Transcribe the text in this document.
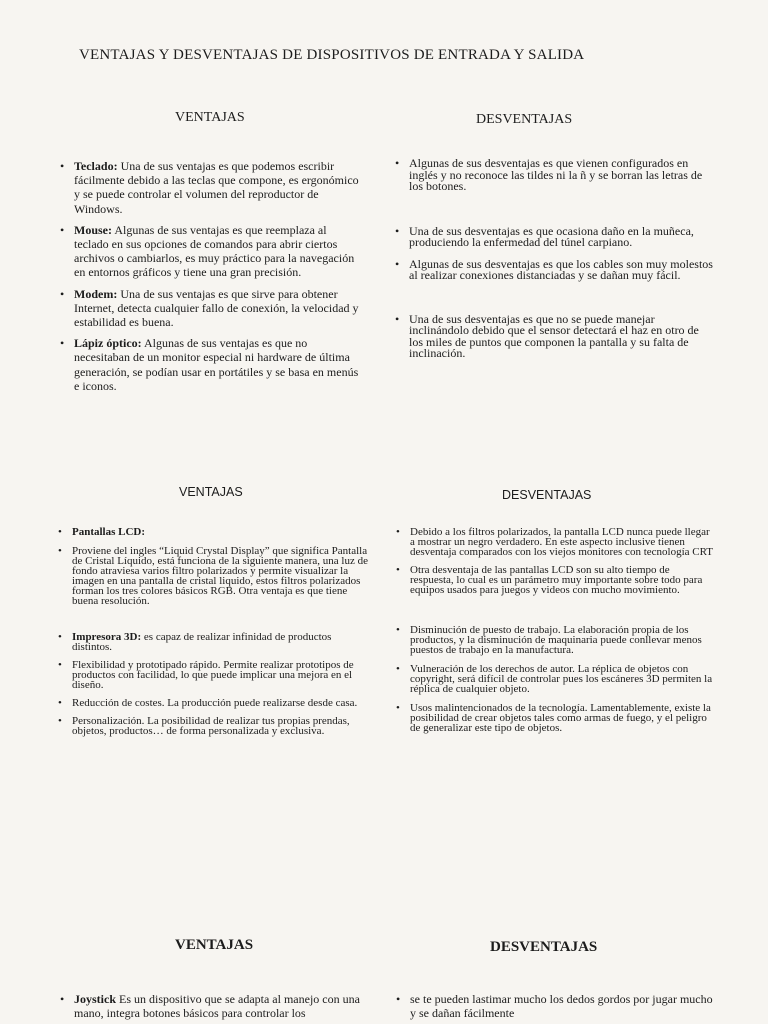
VENTAJAS Y DESVENTAJAS DE DISPOSITIVOS DE ENTRADA Y SALIDA
VENTAJAS	DESVENTAJAS
• Teclado: Una de sus ventajas es que podemos escribir fácilmente debido a las teclas que compone, es ergonómico y se puede controlar el volumen del reproductor de Windows.
• Mouse: Algunas de sus ventajas es que reemplaza al teclado en sus opciones de comandos para abrir ciertos archivos o cambiarlos, es muy práctico para la navegación en entornos gráficos y tiene una gran precisión.
• Modem: Una de sus ventajas es que sirve para obtener Internet, detecta cualquier fallo de conexión, la velocidad y estabilidad es buena.
• Lápiz óptico: Algunas de sus ventajas es que no necesitaban de un monitor especial ni hardware de última generación, se podían usar en portátiles y se basa en menús e iconos.
• Algunas de sus desventajas es que vienen configurados en inglés y no reconoce las tildes ni la ñ y se borran las letras de los botones.
• Una de sus desventajas es que ocasiona daño en la muñeca, produciendo la enfermedad del túnel carpiano.
• Algunas de sus desventajas es que los cables son muy molestos al realizar conexiones distanciadas y se dañan muy fácil.
• Una de sus desventajas es que no se puede manejar inclinándolo debido que el sensor detectará el haz en otro de los miles de puntos que componen la pantalla y su falta de inclinación.
VENTAJAS	DESVENTAJAS
• Pantallas LCD:
• Proviene del ingles “Liquid Crystal Display” que significa Pantalla de Cristal Líquido, está funciona de la siguiente manera, una luz de fondo atraviesa varios filtro polarizados y permite visualizar la imagen en una pantalla de cristal liquido, estos filtros polarizados forman los tres colores básicos RGB. Otra ventaja es que tiene buena resolución.
• Impresora 3D: es capaz de realizar infinidad de productos distintos.
• Flexibilidad y prototipado rápido. Permite realizar prototipos de productos con facilidad, lo que puede implicar una mejora en el diseño.
• Reducción de costes. La producción puede realizarse desde casa.
• Personalización. La posibilidad de realizar tus propias prendas, objetos, productos… de forma personalizada y exclusiva.
• Debido a los filtros polarizados, la pantalla LCD nunca puede llegar a mostrar un negro verdadero. En este aspecto inclusive tienen desventaja comparados con los viejos monitores con tecnología CRT
• Otra desventaja de las pantallas LCD son su alto tiempo de respuesta, lo cual es un parámetro muy importante sobre todo para equipos usados para juegos y videos con mucho movimiento.
• Disminución de puesto de trabajo. La elaboración propia de los productos, y la disminución de maquinaria puede conllevar menos puestos de trabajo en la manufactura.
• Vulneración de los derechos de autor. La réplica de objetos con copyright, será difícil de controlar pues los escáneres 3D permiten la réplica de cualquier objeto.
• Usos malintencionados de la tecnología. Lamentablemente, existe la posibilidad de crear objetos tales como armas de fuego, y el peligro de generalizar este tipo de objetos.
VENTAJAS	DESVENTAJAS
• Joystick Es un dispositivo que se adapta al manejo con una mano, integra botones básicos para controlar los
• se te pueden lastimar mucho los dedos gordos por jugar mucho y se dañan fácilmente
